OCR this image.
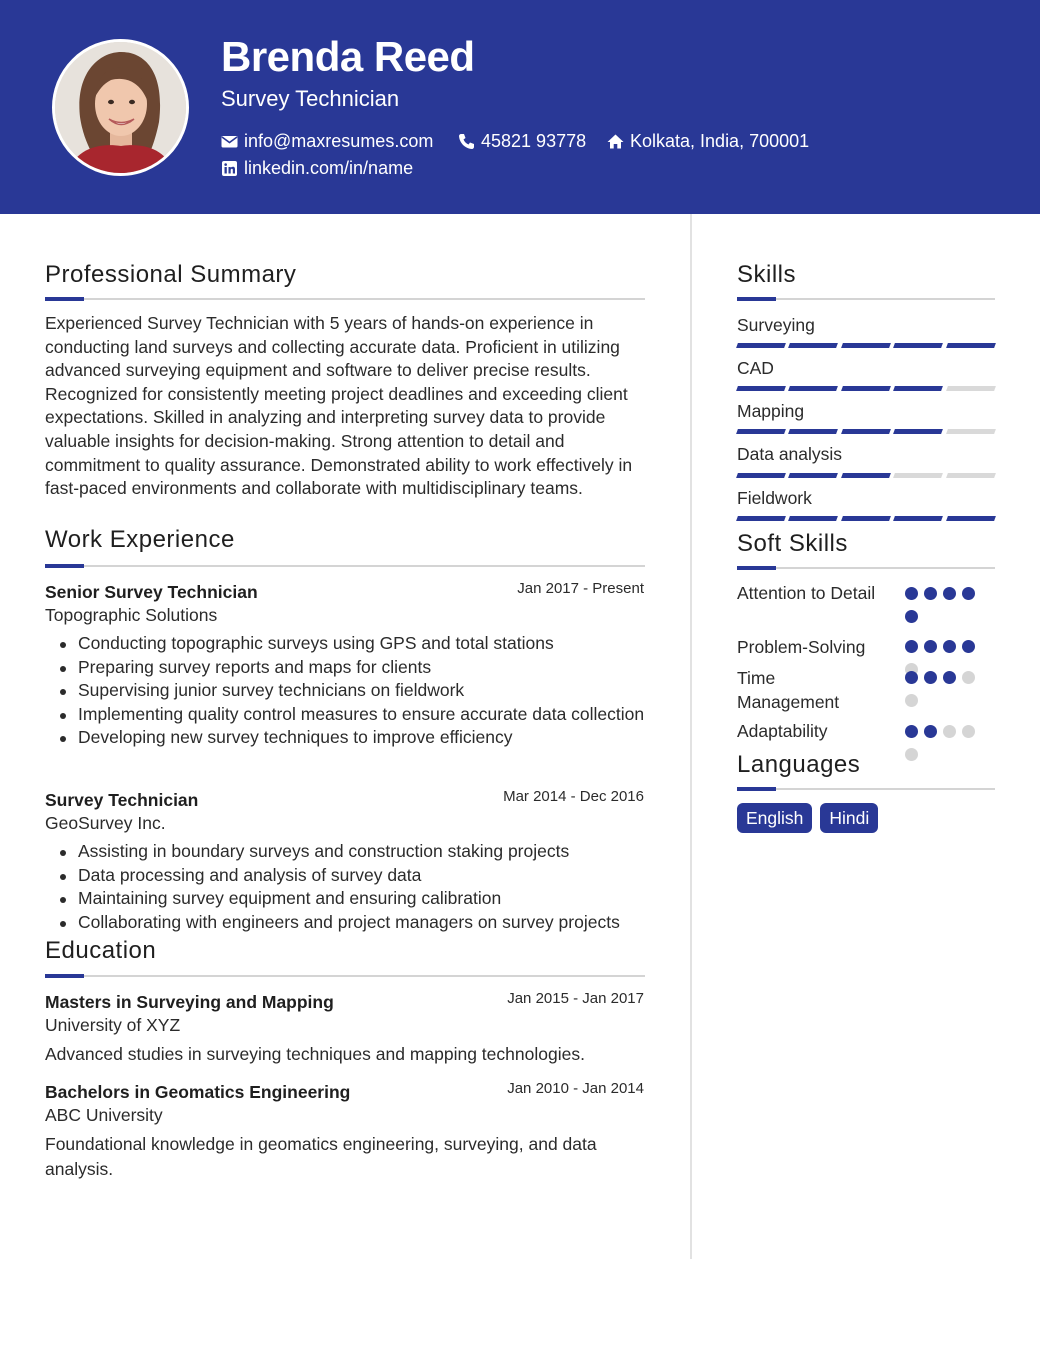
Brenda Reed
Survey Technician
info@maxresumes.com	45821 93778 Kolkata, India, 700001
linkedin.com/in/name
Professional Summary
Experienced Survey Technician with 5 years of hands-on experience in conducting land surveys and collecting accurate data. Proficient in utilizing advanced surveying equipment and software to deliver precise results. Recognized for consistently meeting project deadlines and exceeding client expectations. Skilled in analyzing and interpreting survey data to provide valuable insights for decision-making. Strong attention to detail and commitment to quality assurance. Demonstrated ability to work effectively in fast-paced environments and collaborate with multidisciplinary teams.
Work Experience
Senior Survey Technician	Jan 2017 - Present
Topographic Solutions
Conducting topographic surveys using GPS and total stations
Preparing survey reports and maps for clients
Supervising junior survey technicians on fieldwork
Implementing quality control measures to ensure accurate data collection
Developing new survey techniques to improve efficiency
Survey Technician	Mar 2014 - Dec 2016
GeoSurvey Inc.
Assisting in boundary surveys and construction staking projects
Data processing and analysis of survey data
Maintaining survey equipment and ensuring calibration
Collaborating with engineers and project managers on survey projects
Education
Masters in Surveying and Mapping	Jan 2015 - Jan 2017
University of XYZ
Advanced studies in surveying techniques and mapping technologies.
Bachelors in Geomatics Engineering	Jan 2010 - Jan 2014
ABC University
Foundational knowledge in geomatics engineering, surveying, and data analysis.
Skills
Surveying
CAD
Mapping
Data analysis
Fieldwork
Soft Skills
Attention to Detail
Problem-Solving
Time Management
Adaptability
Languages
English	Hindi
